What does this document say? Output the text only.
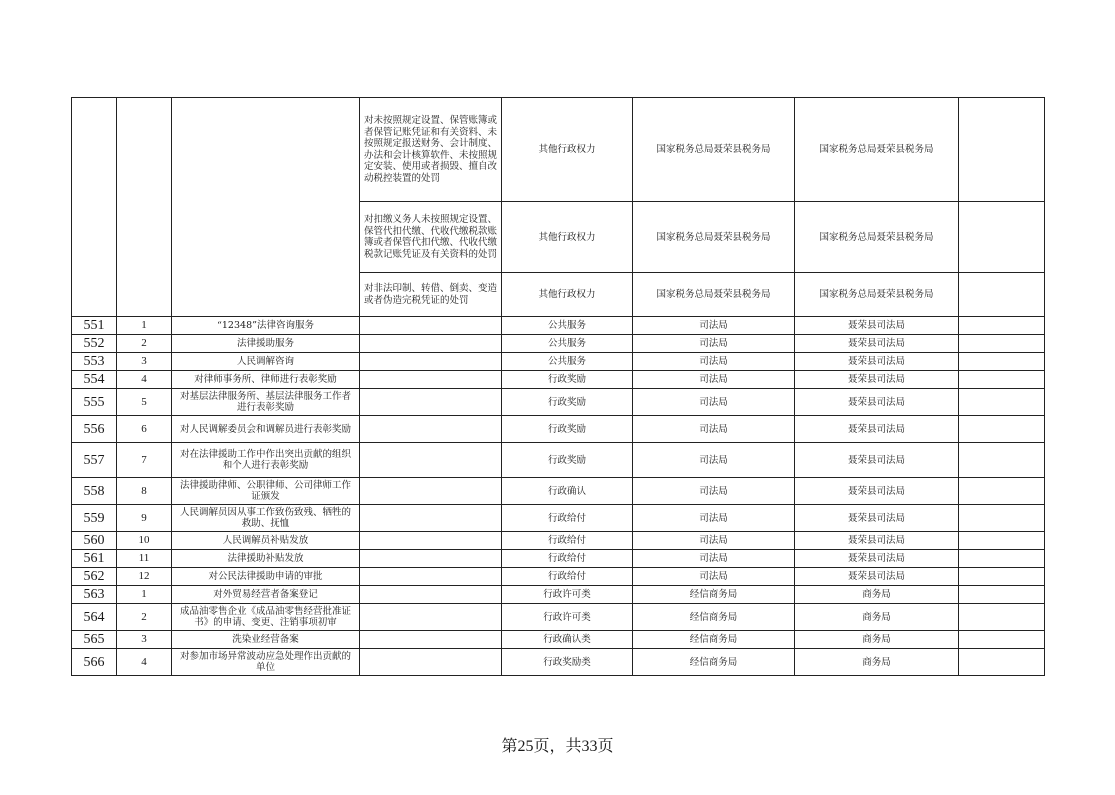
			对未按照规定设置、保管账簿或者保管记账凭证和有关资料、未按照规定报送财务、会计制度、办法和会计核算软件、未按照规定安装、使用或者损毁、擅自改动税控装置的处罚	其他行政权力	国家税务总局聂荣县税务局	国家税务总局聂荣县税务局	
			对扣缴义务人未按照规定设置、保管代扣代缴、代收代缴税款账簿或者保管代扣代缴、代收代缴税款记账凭证及有关资料的处罚	其他行政权力	国家税务总局聂荣县税务局	国家税务总局聂荣县税务局	
			对非法印制、转借、倒卖、变造或者伪造完税凭证的处罚	其他行政权力	国家税务总局聂荣县税务局	国家税务总局聂荣县税务局	
551	1	“12348”法律咨询服务		公共服务	司法局	聂荣县司法局	
552	2	法律援助服务		公共服务	司法局	聂荣县司法局	
553	3	人民调解咨询		公共服务	司法局	聂荣县司法局	
554	4	对律师事务所、律师进行表彰奖励		行政奖励	司法局	聂荣县司法局	
555	5	对基层法律服务所、基层法律服务工作者进行表彰奖励		行政奖励	司法局	聂荣县司法局	
556	6	对人民调解委员会和调解员进行表彰奖励		行政奖励	司法局	聂荣县司法局	
557	7	对在法律援助工作中作出突出贡献的组织和个人进行表彰奖励		行政奖励	司法局	聂荣县司法局	
558	8	法律援助律师、公职律师、公司律师工作证颁发		行政确认	司法局	聂荣县司法局	
559	9	人民调解员因从事工作致伤致残、牺牲的救助、抚恤		行政给付	司法局	聂荣县司法局	
560	10	人民调解员补贴发放		行政给付	司法局	聂荣县司法局	
561	11	法律援助补贴发放		行政给付	司法局	聂荣县司法局	
562	12	对公民法律援助申请的审批		行政给付	司法局	聂荣县司法局	
563	1	对外贸易经营者备案登记		行政许可类	经信商务局	商务局	
564	2	成品油零售企业《成品油零售经营批准证书》的申请、变更、注销事项初审		行政许可类	经信商务局	商务局	
565	3	洗染业经营备案		行政确认类	经信商务局	商务局	
566	4	对参加市场异常波动应急处理作出贡献的单位		行政奖励类	经信商务局	商务局	
第25页，共33页
